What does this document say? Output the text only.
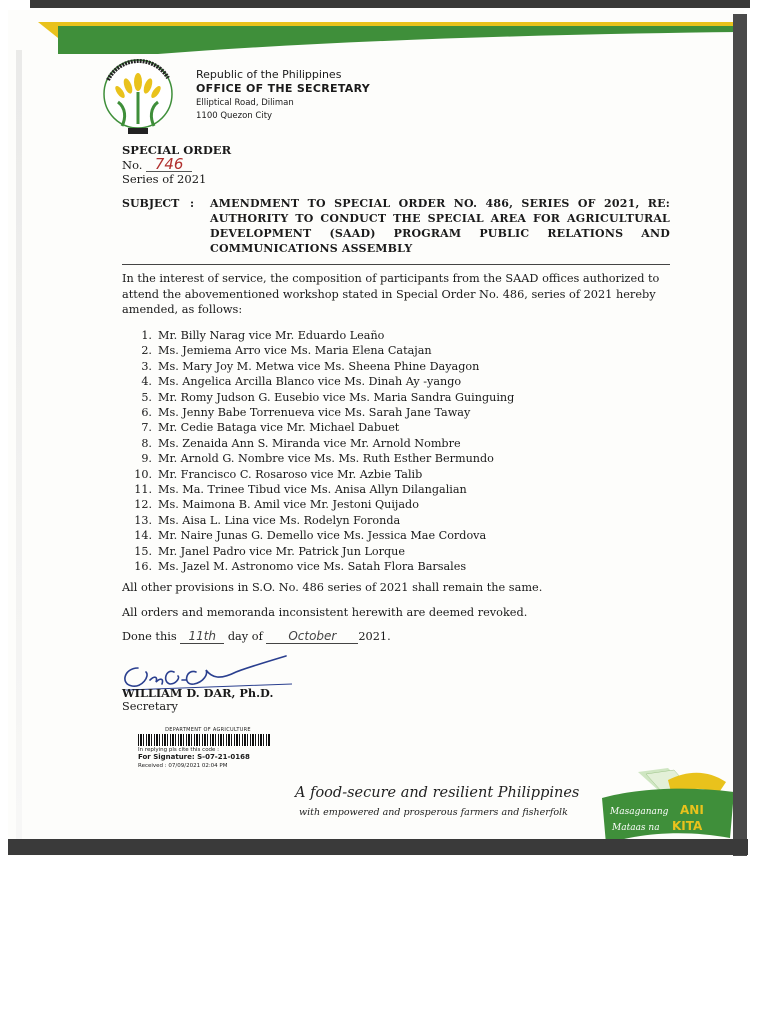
Republic of the Philippines
OFFICE OF THE SECRETARY
Elliptical Road, Diliman
1100 Quezon City
SPECIAL ORDER
No. 746
Series of 2021
SUBJECT : AMENDMENT TO SPECIAL ORDER NO. 486, SERIES OF 2021, RE: AUTHORITY TO CONDUCT THE SPECIAL AREA FOR AGRICULTURAL DEVELOPMENT (SAAD) PROGRAM PUBLIC RELATIONS AND COMMUNICATIONS ASSEMBLY
In the interest of service, the composition of participants from the SAAD offices authorized to attend the abovementioned workshop stated in Special Order No. 486, series of 2021 hereby amended, as follows:
1. Mr. Billy Narag vice Mr. Eduardo Leaño
2. Ms. Jemiema Arro vice Ms. Maria Elena Catajan
3. Ms. Mary Joy M. Metwa vice Ms. Sheena Phine Dayagon
4. Ms. Angelica Arcilla Blanco vice Ms. Dinah Ay -yango
5. Mr. Romy Judson G. Eusebio vice Ms. Maria Sandra Guinguing
6. Ms. Jenny Babe Torrenueva vice Ms. Sarah Jane Taway
7. Mr. Cedie Bataga vice Mr. Michael Dabuet
8. Ms. Zenaida Ann S. Miranda vice Mr. Arnold Nombre
9. Mr. Arnold G. Nombre vice Ms. Ms. Ruth Esther Bermundo
10. Mr. Francisco C. Rosaroso vice Mr. Azbie Talib
11. Ms. Ma. Trinee Tibud vice Ms. Anisa Allyn Dilangalian
12. Ms. Maimona B. Amil vice Mr. Jestoni Quijado
13. Ms. Aisa L. Lina vice Ms. Rodelyn Foronda
14. Mr. Naire Junas G. Demello vice Ms. Jessica Mae Cordova
15. Mr. Janel Padro vice Mr. Patrick Jun Lorque
16. Ms. Jazel M. Astronomo vice Ms. Satah Flora Barsales
All other provisions in S.O. No. 486 series of 2021 shall remain the same.
All orders and memoranda inconsistent herewith are deemed revoked.
Done this 11th day of October 2021.
WILLIAM D. DAR, Ph.D.
Secretary
DEPARTMENT OF AGRICULTURE
In replying pls cite this code :
For Signature: S-07-21-0168
Received : 07/09/2021 02:04 PM
A food-secure and resilient Philippines
with empowered and prosperous farmers and fisherfolk	Masaganang ANI
Mataas na KITA
